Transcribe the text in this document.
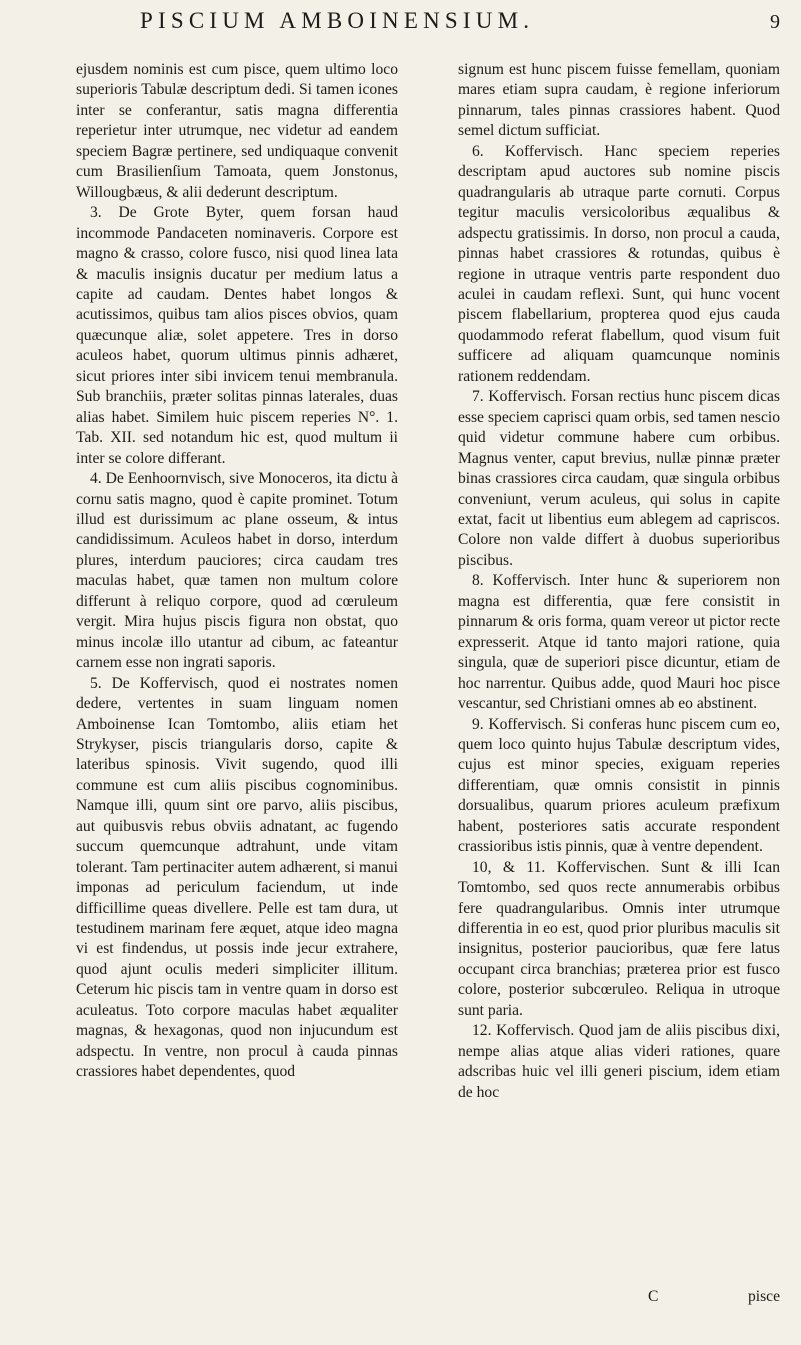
PISCIUM AMBOINENSIUM.	9

ejusdem nominis est cum pisce, quem ultimo loco superioris Tabulæ descriptum dedi. Si tamen icones inter se conferantur, satis magna differentia reperietur inter utrumque, nec videtur ad eandem speciem Bagræ pertinere, sed undiquaque convenit cum Brasilienſium Tamoata, quem Jonstonus, Willougbæus, & alii dederunt descriptum.

3. De Grote Byter, quem forsan haud incommode Pandaceten nominaveris. Corpore est magno & crasso, colore fusco, nisi quod linea lata & maculis insignis ducatur per medium latus a capite ad caudam. Dentes habet longos & acutissimos, quibus tam alios pisces obvios, quam quæcunque aliæ, solet appetere. Tres in dorso aculeos habet, quorum ultimus pinnis adhæret, sicut priores inter sibi invicem tenui membranula. Sub branchiis, præter solitas pinnas laterales, duas alias habet. Similem huic piscem reperies N°. 1. Tab. XII. sed notandum hic est, quod multum ii inter se colore differant.

4. De Eenhoornvisch, sive Monoceros, ita dictu à cornu satis magno, quod è capite prominet. Totum illud est durissimum ac plane osseum, & intus candidissimum. Aculeos habet in dorso, interdum plures, interdum pauciores; circa caudam tres maculas habet, quæ tamen non multum colore differunt à reliquo corpore, quod ad cœruleum vergit. Mira hujus piscis figura non obstat, quo minus incolæ illo utantur ad cibum, ac fateantur carnem esse non ingrati saporis.

5. De Koffervisch, quod ei nostrates nomen dedere, vertentes in suam linguam nomen Amboinense Ican Tomtombo, aliis etiam het Strykyser, piscis triangularis dorso, capite & lateribus spinosis. Vivit sugendo, quod illi commune est cum aliis piscibus cognominibus. Namque illi, quum sint ore parvo, aliis piscibus, aut quibusvis rebus obviis adnatant, ac fugendo succum quemcunque adtrahunt, unde vitam tolerant. Tam pertinaciter autem adhærent, si manui imponas ad periculum faciendum, ut inde difficillime queas divellere. Pelle est tam dura, ut testudinem marinam fere æquet, atque ideo magna vi est findendus, ut possis inde jecur extrahere, quod ajunt oculis mederi simpliciter illitum. Ceterum hic piscis tam in ventre quam in dorso est aculeatus. Toto corpore maculas habet æqualiter magnas, & hexagonas, quod non injucundum est adspectu. In ventre, non procul à cauda pinnas crassiores habet dependentes, quod

signum est hunc piscem fuisse femellam, quoniam mares etiam supra caudam, è regione inferiorum pinnarum, tales pinnas crassiores habent. Quod semel dictum sufficiat.

6. Koffervisch. Hanc speciem reperies descriptam apud auctores sub nomine piscis quadrangularis ab utraque parte cornuti. Corpus tegitur maculis versicoloribus æqualibus & adspectu gratissimis. In dorso, non procul a cauda, pinnas habet crassiores & rotundas, quibus è regione in utraque ventris parte respondent duo aculei in caudam reflexi. Sunt, qui hunc vocent piscem flabellarium, propterea quod ejus cauda quodammodo referat flabellum, quod visum fuit sufficere ad aliquam quamcunque nominis rationem reddendam.

7. Koffervisch. Forsan rectius hunc piscem dicas esse speciem caprisci quam orbis, sed tamen nescio quid videtur commune habere cum orbibus. Magnus venter, caput brevius, nullæ pinnæ præter binas crassiores circa caudam, quæ singula orbibus conveniunt, verum aculeus, qui solus in capite extat, facit ut libentius eum ablegem ad capriscos. Colore non valde differt à duobus superioribus piscibus.

8. Koffervisch. Inter hunc & superiorem non magna est differentia, quæ fere consistit in pinnarum & oris forma, quam vereor ut pictor recte expresserit. Atque id tanto majori ratione, quia singula, quæ de superiori pisce dicuntur, etiam de hoc narrentur. Quibus adde, quod Mauri hoc pisce vescantur, sed Christiani omnes ab eo abstinent.

9. Koffervisch. Si conferas hunc piscem cum eo, quem loco quinto hujus Tabulæ descriptum vides, cujus est minor species, exiguam reperies differentiam, quæ omnis consistit in pinnis dorsualibus, quarum priores aculeum præfixum habent, posteriores satis accurate respondent crassioribus istis pinnis, quæ à ventre dependent.

10, & 11. Koffervischen. Sunt & illi Ican Tomtombo, sed quos recte annumerabis orbibus fere quadrangularibus. Omnis inter utrumque differentia in eo est, quod prior pluribus maculis sit insignitus, posterior paucioribus, quæ fere latus occupant circa branchias; præterea prior est fusco colore, posterior subcœruleo. Reliqua in utroque sunt paria.

12. Koffervisch. Quod jam de aliis piscibus dixi, nempe alias atque alias videri rationes, quare adscribas huic vel illi generi piscium, idem etiam de hoc

C	pisce
